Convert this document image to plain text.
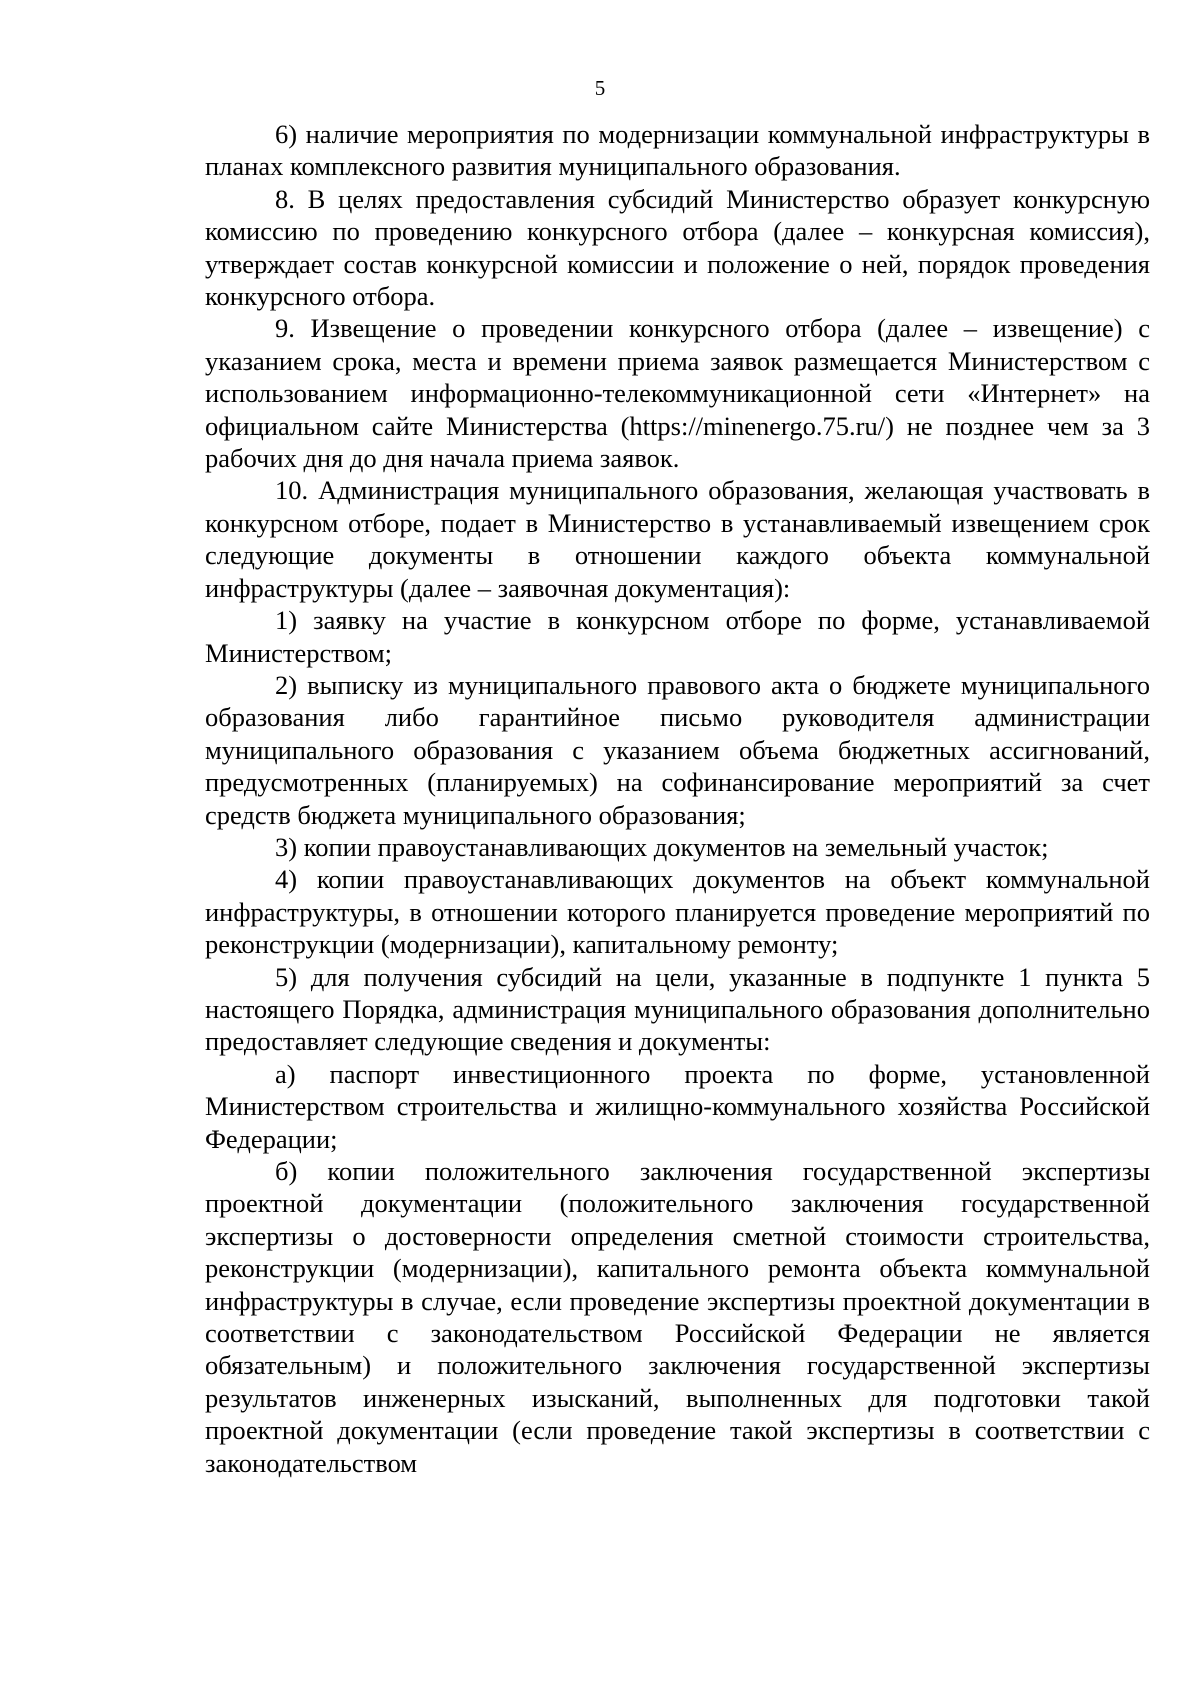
5

6) наличие мероприятия по модернизации коммунальной инфраструктуры в планах комплексного развития муниципального образования.

8. В целях предоставления субсидий Министерство образует конкурсную комиссию по проведению конкурсного отбора (далее – конкурсная комиссия), утверждает состав конкурсной комиссии и положение о ней, порядок проведения конкурсного отбора.

9. Извещение о проведении конкурсного отбора (далее – извещение) с указанием срока, места и времени приема заявок размещается Министерством с использованием информационно-телекоммуникационной сети «Интернет» на официальном сайте Министерства (https://minenergo.75.ru/) не позднее чем за 3 рабочих дня до дня начала приема заявок.

10. Администрация муниципального образования, желающая участвовать в конкурсном отборе, подает в Министерство в устанавливаемый извещением срок следующие документы в отношении каждого объекта коммунальной инфраструктуры (далее – заявочная документация):

1) заявку на участие в конкурсном отборе по форме, устанавливаемой Министерством;

2) выписку из муниципального правового акта о бюджете муниципального образования либо гарантийное письмо руководителя администрации муниципального образования с указанием объема бюджетных ассигнований, предусмотренных (планируемых) на софинансирование мероприятий за счет средств бюджета муниципального образования;

3) копии правоустанавливающих документов на земельный участок;

4) копии правоустанавливающих документов на объект коммунальной инфраструктуры, в отношении которого планируется проведение мероприятий по реконструкции (модернизации), капитальному ремонту;

5) для получения субсидий на цели, указанные в подпункте 1 пункта 5 настоящего Порядка, администрация муниципального образования дополнительно предоставляет следующие сведения и документы:

а) паспорт инвестиционного проекта по форме, установленной Министерством строительства и жилищно-коммунального хозяйства Российской Федерации;

б) копии положительного заключения государственной экспертизы проектной документации (положительного заключения государственной экспертизы о достоверности определения сметной стоимости строительства, реконструкции (модернизации), капитального ремонта объекта коммунальной инфраструктуры в случае, если проведение экспертизы проектной документации в соответствии с законодательством Российской Федерации не является обязательным) и положительного заключения государственной экспертизы результатов инженерных изысканий, выполненных для подготовки такой проектной документации (если проведение такой экспертизы в соответствии с законодательством
